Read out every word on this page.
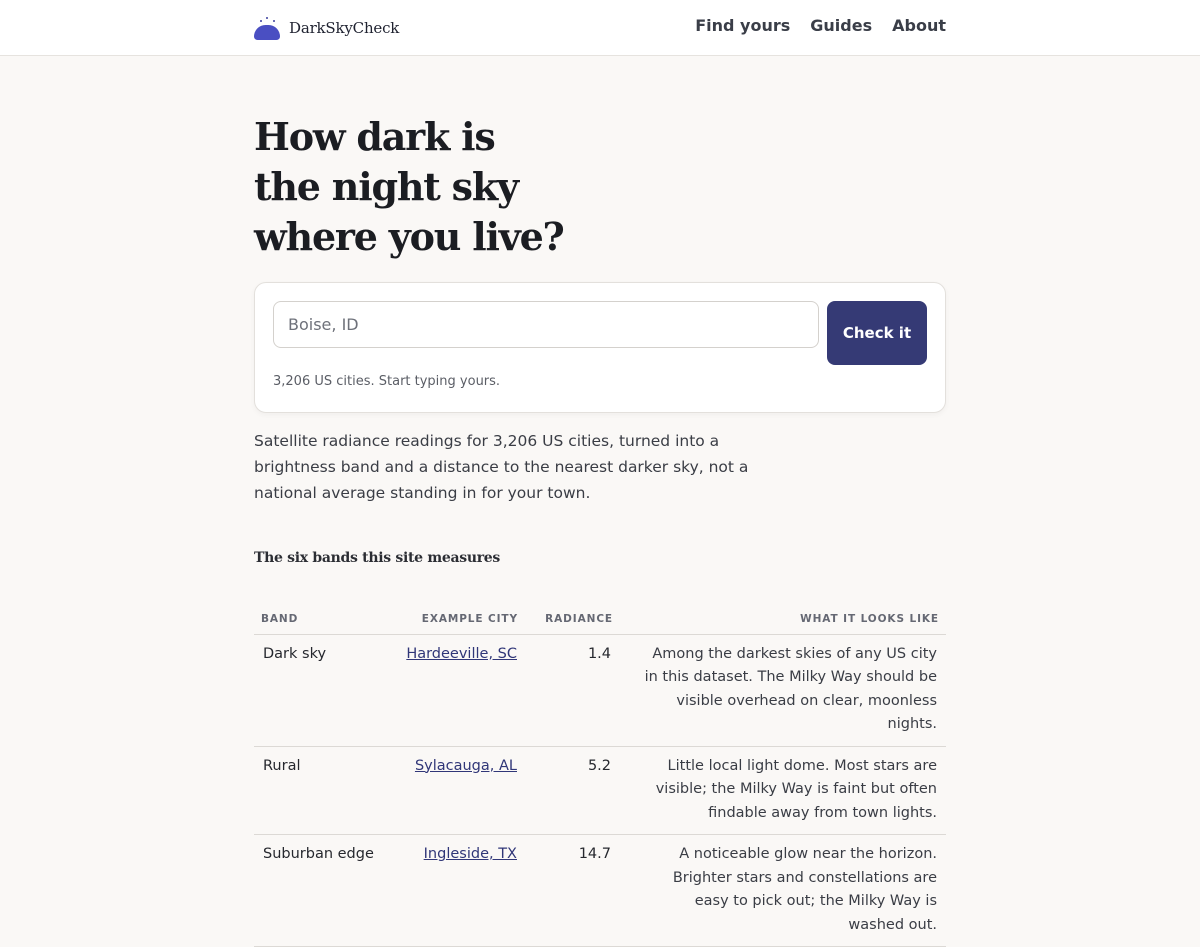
DarkSkyCheck	Find yours Guides About
How dark is
the night sky
where you live?
Boise, ID
Check it

3,206 US cities. Start typing yours.

Satellite radiance readings for 3,206 US cities, turned into a brightness band and a distance to the nearest darker sky, not a national average standing in for your town.

The six bands this site measures
BAND	EXAMPLE CITY	RADIANCE	WHAT IT LOOKS LIKE
Dark sky	Hardeeville, SC	1.4	Among the darkest skies of any US city in this dataset. The Milky Way should be visible overhead on clear, moonless nights.
Rural	Sylacauga, AL	5.2	Little local light dome. Most stars are visible; the Milky Way is faint but often findable away from town lights.
Suburban edge	Ingleside, TX	14.7	A noticeable glow near the horizon. Brighter stars and constellations are easy to pick out; the Milky Way is washed out.
